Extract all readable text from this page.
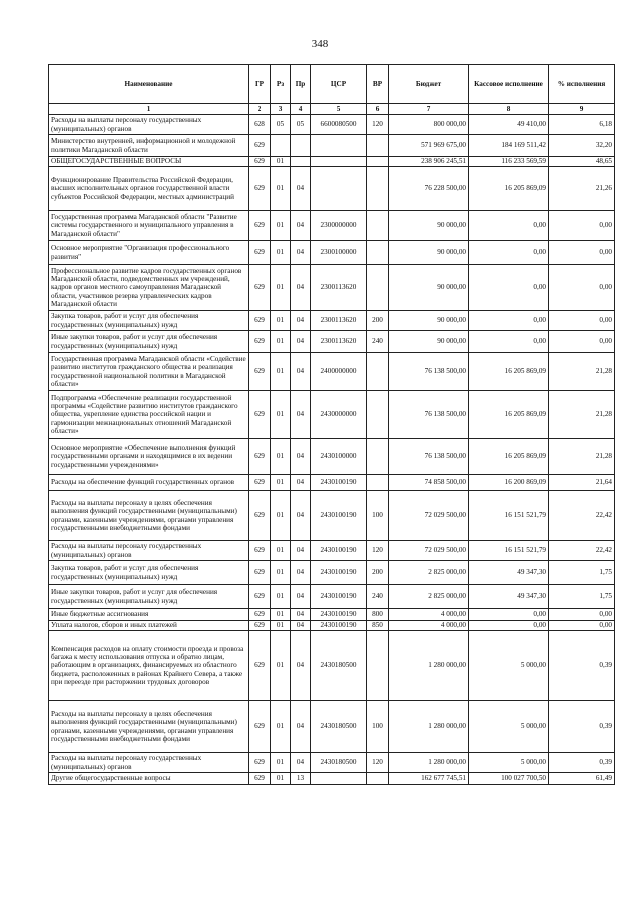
348
Наименование	ГР	Рз	Пр	ЦСР	ВР	Бюджет	Кассовое исполнение	% исполнения
1	2	3	4	5	6	7	8	9
Расходы на выплаты персоналу государственных (муниципальных) органов	628	05	05	6600080500	120	800 000,00	49 410,00	6,18
Министерство внутренней, информационной и молодежной политики Магаданской области	629					571 969 675,00	184 169 511,42	32,20
ОБЩЕГОСУДАРСТВЕННЫЕ ВОПРОСЫ	629	01				238 906 245,51	116 233 569,59	48,65
Функционирование Правительства Российской Федерации, высших исполнительных органов государственной власти субъектов Российской Федерации, местных администраций	629	01	04			76 228 500,00	16 205 869,09	21,26
Государственная программа Магаданской области "Развитие системы государственного и муниципального управления в Магаданской области"	629	01	04	2300000000		90 000,00	0,00	0,00
Основное мероприятие "Организация профессионального развития"	629	01	04	2300100000		90 000,00	0,00	0,00
Профессиональное развитие кадров государственных органов Магаданской области, подведомственных им учреждений, кадров органов местного самоуправления Магаданской области, участников резерва управленческих кадров Магаданской области	629	01	04	2300113620		90 000,00	0,00	0,00
Закупка товаров, работ и услуг для обеспечения государственных (муниципальных) нужд	629	01	04	2300113620	200	90 000,00	0,00	0,00
Иные закупки товаров, работ и услуг для обеспечения государственных (муниципальных) нужд	629	01	04	2300113620	240	90 000,00	0,00	0,00
Государственная программа Магаданской области «Содействие развитию институтов гражданского общества и реализация государственной национальной политики в Магаданской области»	629	01	04	2400000000		76 138 500,00	16 205 869,09	21,28
Подпрограмма «Обеспечение реализации государственной программы «Содействие развитию институтов гражданского общества, укрепление единства российской нации и гармонизации межнациональных отношений Магаданской области»	629	01	04	2430000000		76 138 500,00	16 205 869,09	21,28
Основное мероприятие «Обеспечение выполнения функций государственными органами и находящимися в их ведении государственными учреждениями»	629	01	04	2430100000		76 138 500,00	16 205 869,09	21,28
Расходы на обеспечение функций государственных органов	629	01	04	2430100190		74 858 500,00	16 200 869,09	21,64
Расходы на выплаты персоналу в целях обеспечения выполнения функций государственными (муниципальными) органами, казенными учреждениями, органами управления государственными внебюджетными фондами	629	01	04	2430100190	100	72 029 500,00	16 151 521,79	22,42
Расходы на выплаты персоналу государственных (муниципальных) органов	629	01	04	2430100190	120	72 029 500,00	16 151 521,79	22,42
Закупка товаров, работ и услуг для обеспечения государственных (муниципальных) нужд	629	01	04	2430100190	200	2 825 000,00	49 347,30	1,75
Иные закупки товаров, работ и услуг для обеспечения государственных (муниципальных) нужд	629	01	04	2430100190	240	2 825 000,00	49 347,30	1,75
Иные бюджетные ассигнования	629	01	04	2430100190	800	4 000,00	0,00	0,00
Уплата налогов, сборов и иных платежей	629	01	04	2430100190	850	4 000,00	0,00	0,00
Компенсация расходов на оплату стоимости проезда и провоза багажа к месту использования отпуска и обратно лицам, работающим в организациях, финансируемых из областного бюджета, расположенных в районах Крайнего Севера, а также при переезде при расторжении трудовых договоров	629	01	04	2430180500		1 280 000,00	5 000,00	0,39
Расходы на выплаты персоналу в целях обеспечения выполнения функций государственными (муниципальными) органами, казенными учреждениями, органами управления государственными внебюджетными фондами	629	01	04	2430180500	100	1 280 000,00	5 000,00	0,39
Расходы на выплаты персоналу государственных (муниципальных) органов	629	01	04	2430180500	120	1 280 000,00	5 000,00	0,39
Другие общегосударственные вопросы	629	01	13			162 677 745,51	100 027 700,50	61,49
